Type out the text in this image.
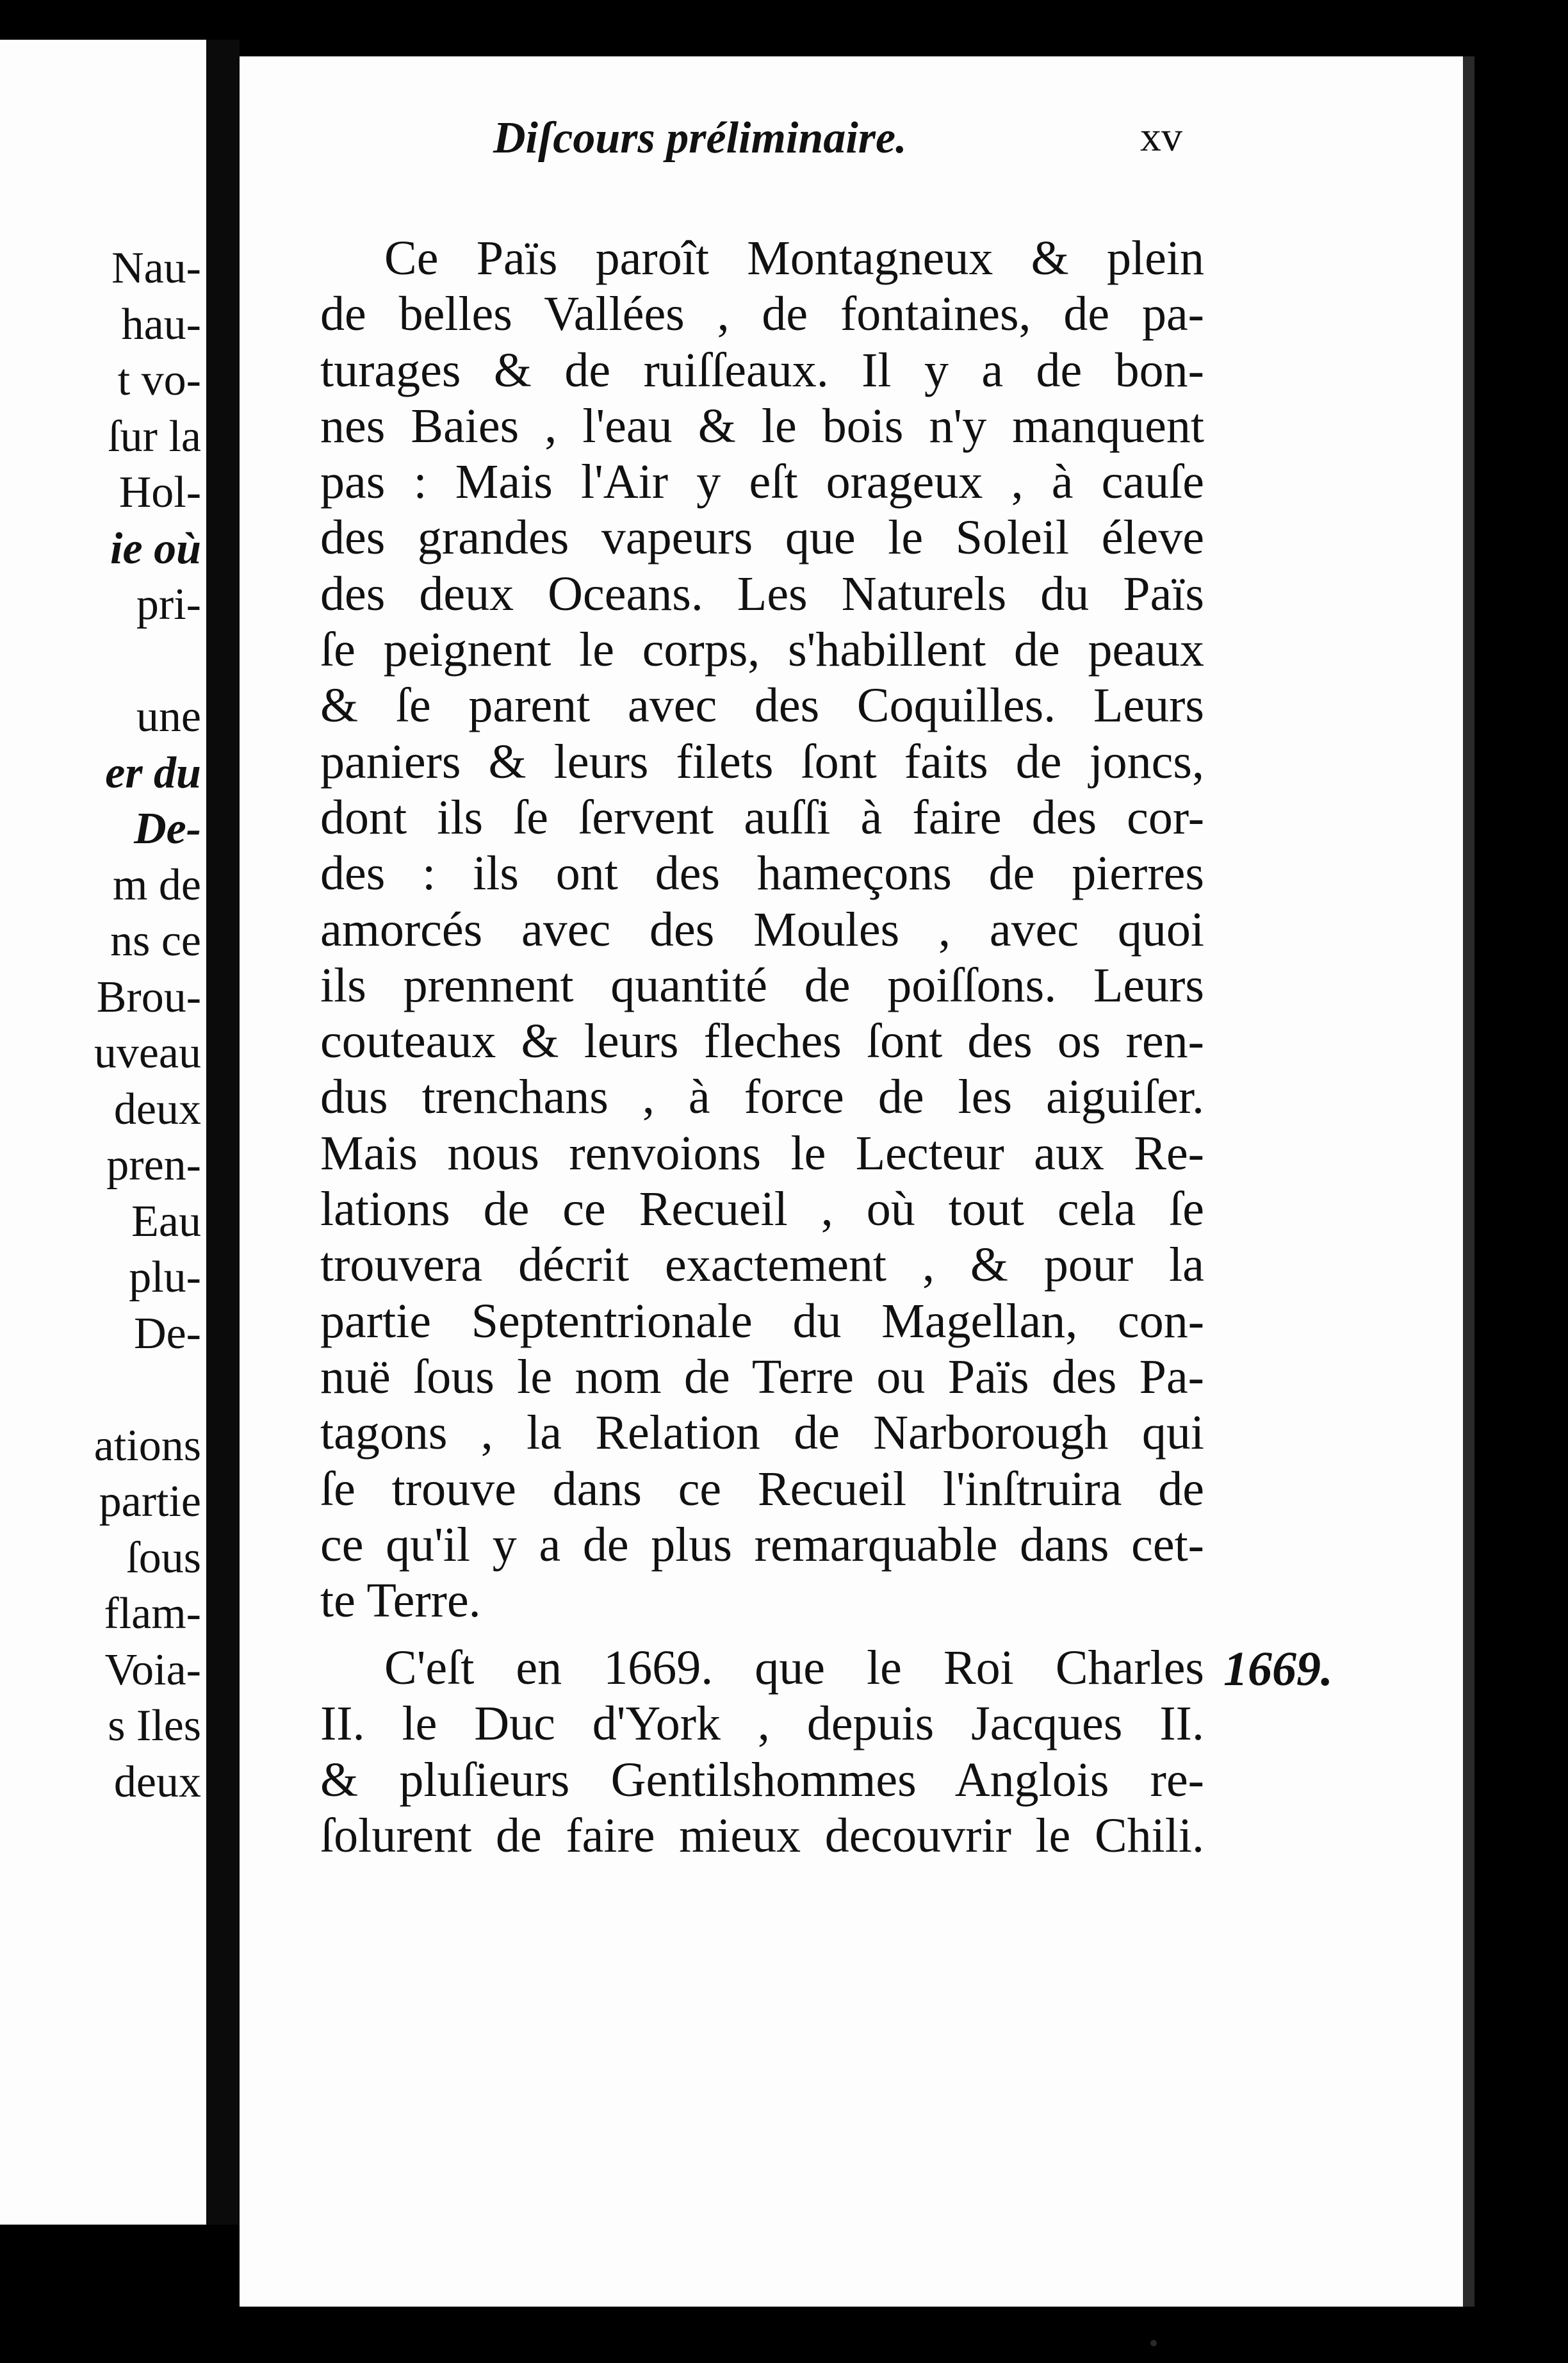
Nau-
hau-
t vo-
ſur la
Hol-
ie où
pri-
une
er du
De-
m de
ns ce
Brou-
uveau
deux
pren-
Eau
plu-
De-
ations
partie
ſous
flam-
Voia-
s Iles
deux
Diſcours préliminaire.	xv
Ce Païs paroît Montagneux & plein
de belles Vallées , de fontaines, de pa-
turages & de ruiſſeaux. Il y a de bon-
nes Baies , l'eau & le bois n'y manquent
pas : Mais l'Air y eſt orageux , à cauſe
des grandes vapeurs que le Soleil éleve
des deux Oceans. Les Naturels du Païs
ſe peignent le corps, s'habillent de peaux
& ſe parent avec des Coquilles. Leurs
paniers & leurs filets ſont faits de joncs,
dont ils ſe ſervent auſſi à faire des cor-
des : ils ont des hameçons de pierres
amorcés avec des Moules , avec quoi
ils prennent quantité de poiſſons. Leurs
couteaux & leurs fleches ſont des os ren-
dus trenchans , à force de les aiguiſer.
Mais nous renvoions le Lecteur aux Re-
lations de ce Recueil , où tout cela ſe
trouvera décrit exactement , & pour la
partie Septentrionale du Magellan, con-
nuë ſous le nom de Terre ou Païs des Pa-
tagons , la Relation de Narborough qui
ſe trouve dans ce Recueil l'inſtruira de
ce qu'il y a de plus remarquable dans cet-
te Terre.
C'eſt en 1669. que le Roi Charles
II. le Duc d'York , depuis Jacques II.
& pluſieurs Gentilshommes Anglois re-
ſolurent de faire mieux decouvrir le Chili.
1669.
